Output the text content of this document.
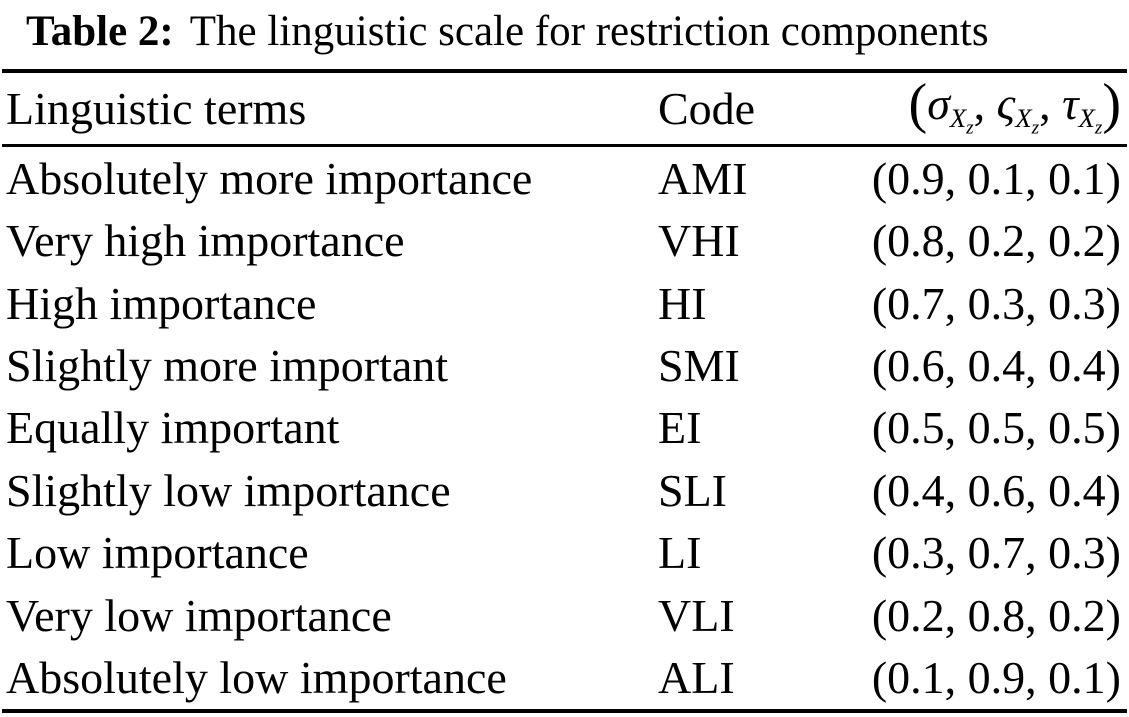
Table 2: The linguistic scale for restriction components
Linguistic terms	Code	($\sigma X_z$, $\varsigma X_z$, $\tau X_z$)
Absolutely more importance	AMI	(0.9, 0.1, 0.1)
Very high importance	VHI	(0.8, 0.2, 0.2)
High importance	HI	(0.7, 0.3, 0.3)
Slightly more important	SMI	(0.6, 0.4, 0.4)
Equally important	EI	(0.5, 0.5, 0.5)
Slightly low importance	SLI	(0.4, 0.6, 0.4)
Low importance	LI	(0.3, 0.7, 0.3)
Very low importance	VLI	(0.2, 0.8, 0.2)
Absolutely low importance	ALI	(0.1, 0.9, 0.1)
